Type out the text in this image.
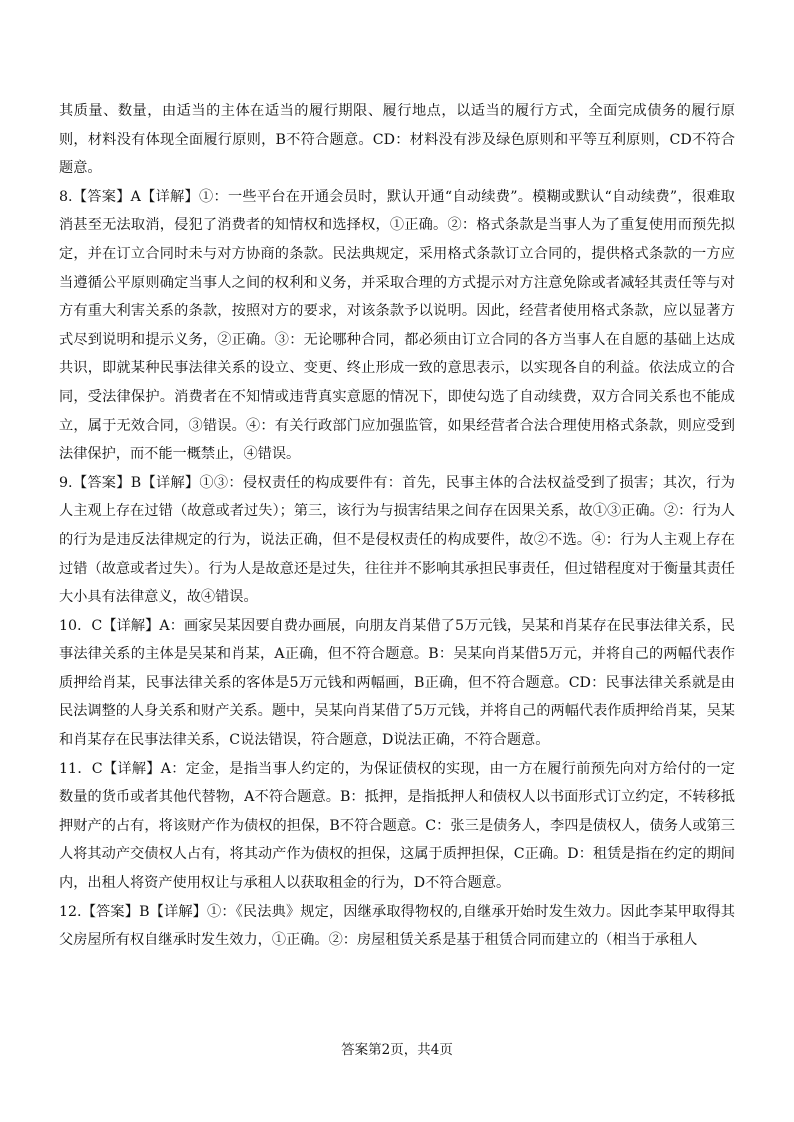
其质量、数量，由适当的主体在适当的履行期限、履行地点，以适当的履行方式，全面完成债务的履行原则，材料没有体现全面履行原则，B不符合题意。CD：材料没有涉及绿色原则和平等互利原则，CD不符合题意。

8.【答案】A【详解】①：一些平台在开通会员时，默认开通“自动续费”。模糊或默认“自动续费”，很难取消甚至无法取消，侵犯了消费者的知情权和选择权，①正确。②：格式条款是当事人为了重复使用而预先拟定，并在订立合同时未与对方协商的条款。民法典规定，采用格式条款订立合同的，提供格式条款的一方应当遵循公平原则确定当事人之间的权利和义务，并采取合理的方式提示对方注意免除或者减轻其责任等与对方有重大利害关系的条款，按照对方的要求，对该条款予以说明。因此，经营者使用格式条款，应以显著方式尽到说明和提示义务，②正确。③：无论哪种合同，都必须由订立合同的各方当事人在自愿的基础上达成共识，即就某种民事法律关系的设立、变更、终止形成一致的意思表示，以实现各自的利益。依法成立的合同，受法律保护。消费者在不知情或违背真实意愿的情况下，即使勾选了自动续费，双方合同关系也不能成立，属于无效合同，③错误。④：有关行政部门应加强监管，如果经营者合法合理使用格式条款，则应受到法律保护，而不能一概禁止，④错误。

9.【答案】B【详解】①③：侵权责任的构成要件有：首先，民事主体的合法权益受到了损害；其次，行为人主观上存在过错（故意或者过失）；第三，该行为与损害结果之间存在因果关系，故①③正确。②：行为人的行为是违反法律规定的行为，说法正确，但不是侵权责任的构成要件，故②不选。④：行为人主观上存在过错（故意或者过失）。行为人是故意还是过失，往往并不影响其承担民事责任，但过错程度对于衡量其责任大小具有法律意义，故④错误。

10．C【详解】A：画家吴某因要自费办画展，向朋友肖某借了5万元钱，吴某和肖某存在民事法律关系，民事法律关系的主体是吴某和肖某，A正确，但不符合题意。B：吴某向肖某借5万元，并将自己的两幅代表作质押给肖某，民事法律关系的客体是5万元钱和两幅画，B正确，但不符合题意。CD：民事法律关系就是由民法调整的人身关系和财产关系。题中，吴某向肖某借了5万元钱，并将自己的两幅代表作质押给肖某，吴某和肖某存在民事法律关系，C说法错误，符合题意，D说法正确，不符合题意。

11．C【详解】A：定金，是指当事人约定的，为保证债权的实现，由一方在履行前预先向对方给付的一定数量的货币或者其他代替物，A不符合题意。B：抵押，是指抵押人和债权人以书面形式订立约定，不转移抵押财产的占有，将该财产作为债权的担保，B不符合题意。C：张三是债务人，李四是债权人，债务人或第三人将其动产交债权人占有，将其动产作为债权的担保，这属于质押担保，C正确。D：租赁是指在约定的期间内，出租人将资产使用权让与承租人以获取租金的行为，D不符合题意。

12.【答案】B【详解】①：《民法典》规定，因继承取得物权的,自继承开始时发生效力。因此李某甲取得其父房屋所有权自继承时发生效力，①正确。②：房屋租赁关系是基于租赁合同而建立的（相当于承租人

答案第2页，共4页
